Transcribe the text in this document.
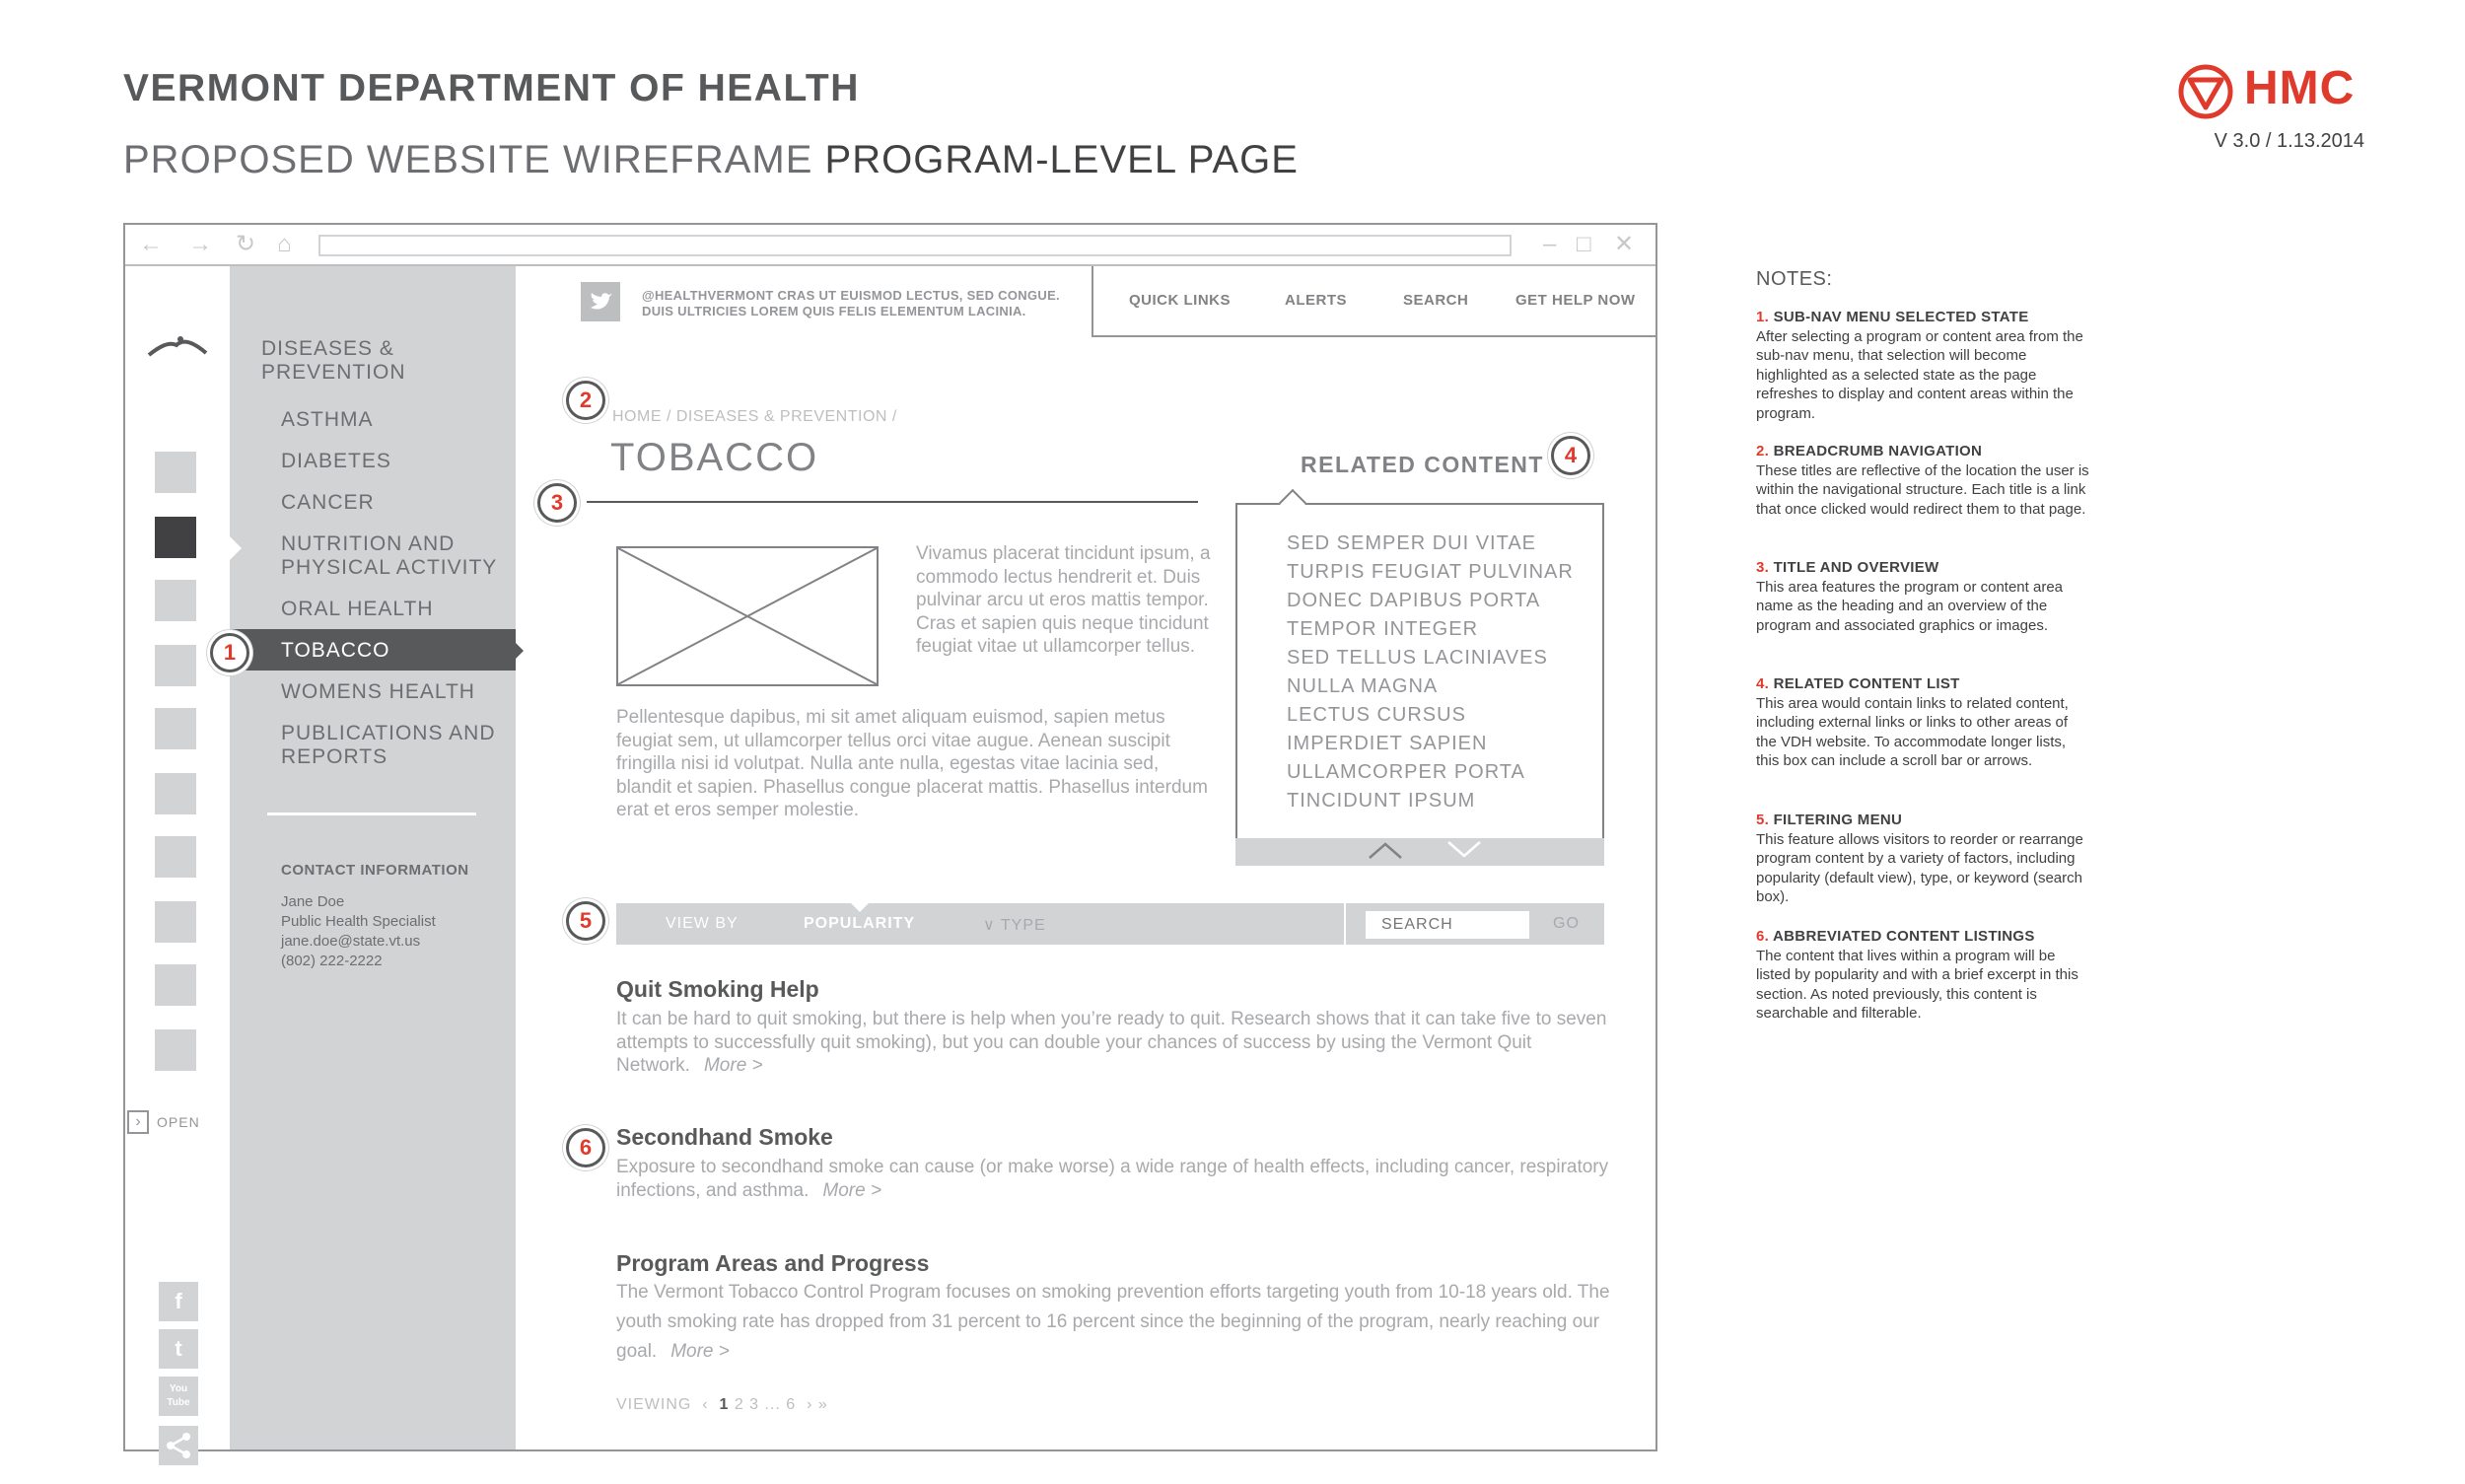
VERMONT DEPARTMENT OF HEALTH
PROPOSED WEBSITE WIREFRAME PROGRAM-LEVEL PAGE
HMC
V 3.0 / 1.13.2014
← → ↻ ⌂	– □ ✕
›	OPEN
f
t
You Tube
DISEASES & PREVENTION
ASTHMA
DIABETES
CANCER
NUTRITION AND PHYSICAL ACTIVITY
ORAL HEALTH
TOBACCO
WOMENS HEALTH
PUBLICATIONS AND REPORTS
CONTACT INFORMATION
Jane Doe
Public Health Specialist
jane.doe@state.vt.us
(802) 222-2222
@HEALTHVERMONT CRAS UT EUISMOD LECTUS, SED CONGUE. DUIS ULTRICIES LOREM QUIS FELIS ELEMENTUM LACINIA.
QUICK LINKS	ALERTS	SEARCH	GET HELP NOW
HOME / DISEASES & PREVENTION /
TOBACCO
Vivamus placerat tincidunt ipsum, a commodo lectus hendrerit et. Duis pulvinar arcu ut eros mattis tempor. Cras et sapien quis neque tincidunt feugiat vitae ut ullamcorper tellus.
Pellentesque dapibus, mi sit amet aliquam euismod, sapien metus feugiat sem, ut ullamcorper tellus orci vitae augue. Aenean suscipit fringilla nisi id volutpat. Nulla ante nulla, egestas vitae lacinia sed, blandit et sapien. Phasellus congue placerat mattis. Phasellus interdum erat et eros semper molestie.
RELATED CONTENT
SED SEMPER DUI VITAE
TURPIS FEUGIAT PULVINAR
DONEC DAPIBUS PORTA
TEMPOR INTEGER
SED TELLUS LACINIAVES
NULLA MAGNA
LECTUS CURSUS
IMPERDIET SAPIEN
ULLAMCORPER PORTA
TINCIDUNT IPSUM
VIEW BY	POPULARITY	∨ TYPE
SEARCH	GO
Quit Smoking Help
It can be hard to quit smoking, but there is help when you’re ready to quit. Research shows that it can take five to seven attempts to successfully quit smoking), but you can double your chances of success by using the Vermont Quit Network. More >
Secondhand Smoke
Exposure to secondhand smoke can cause (or make worse) a wide range of health effects, including cancer, respiratory infections, and asthma. More >
Program Areas and Progress
The Vermont Tobacco Control Program focuses on smoking prevention efforts targeting youth from 10-18 years old. The youth smoking rate has dropped from 31 percent to 16 percent since the beginning of the program, nearly reaching our goal. More >
VIEWING ‹ 1 2 3 ... 6 › »
1
2
3
4
5
6
NOTES:
1. SUB-NAV MENU SELECTED STATE
After selecting a program or content area from the sub-nav menu, that selection will become highlighted as a selected state as the page refreshes to display and content areas within the program.
2. BREADCRUMB NAVIGATION
These titles are reflective of the location the user is within the navigational structure. Each title is a link that once clicked would redirect them to that page.
3. TITLE AND OVERVIEW
This area features the program or content area name as the heading and an overview of the program and associated graphics or images.
4. RELATED CONTENT LIST
This area would contain links to related content, including external links or links to other areas of the VDH website. To accommodate longer lists, this box can include a scroll bar or arrows.
5. FILTERING MENU
This feature allows visitors to reorder or rearrange program content by a variety of factors, including popularity (default view), type, or keyword (search box).
6. ABBREVIATED CONTENT LISTINGS
The content that lives within a program will be listed by popularity and with a brief excerpt in this section. As noted previously, this content is searchable and filterable.
